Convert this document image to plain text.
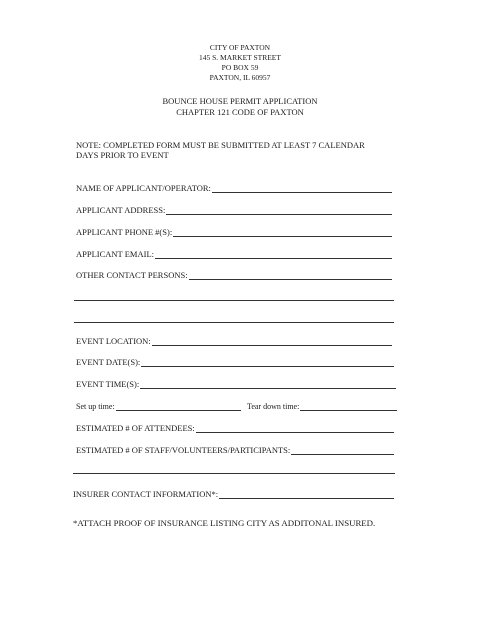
CITY OF PAXTON
145 S. MARKET STREET
PO BOX 59
PAXTON, IL 60957
BOUNCE HOUSE PERMIT APPLICATION
CHAPTER 121 CODE OF PAXTON
NOTE: COMPLETED FORM MUST BE SUBMITTED AT LEAST 7 CALENDAR
DAYS PRIOR TO EVENT
NAME OF APPLICANT/OPERATOR:
APPLICANT ADDRESS:
APPLICANT PHONE #(S):
APPLICANT EMAIL:
OTHER CONTACT PERSONS:
EVENT LOCATION:
EVENT DATE(S):
EVENT TIME(S):
Set up time:	Tear down time:
ESTIMATED # OF ATTENDEES:
ESTIMATED # OF STAFF/VOLUNTEERS/PARTICIPANTS:
INSURER CONTACT INFORMATION*:
*ATTACH PROOF OF INSURANCE LISTING CITY AS ADDITONAL INSURED.
